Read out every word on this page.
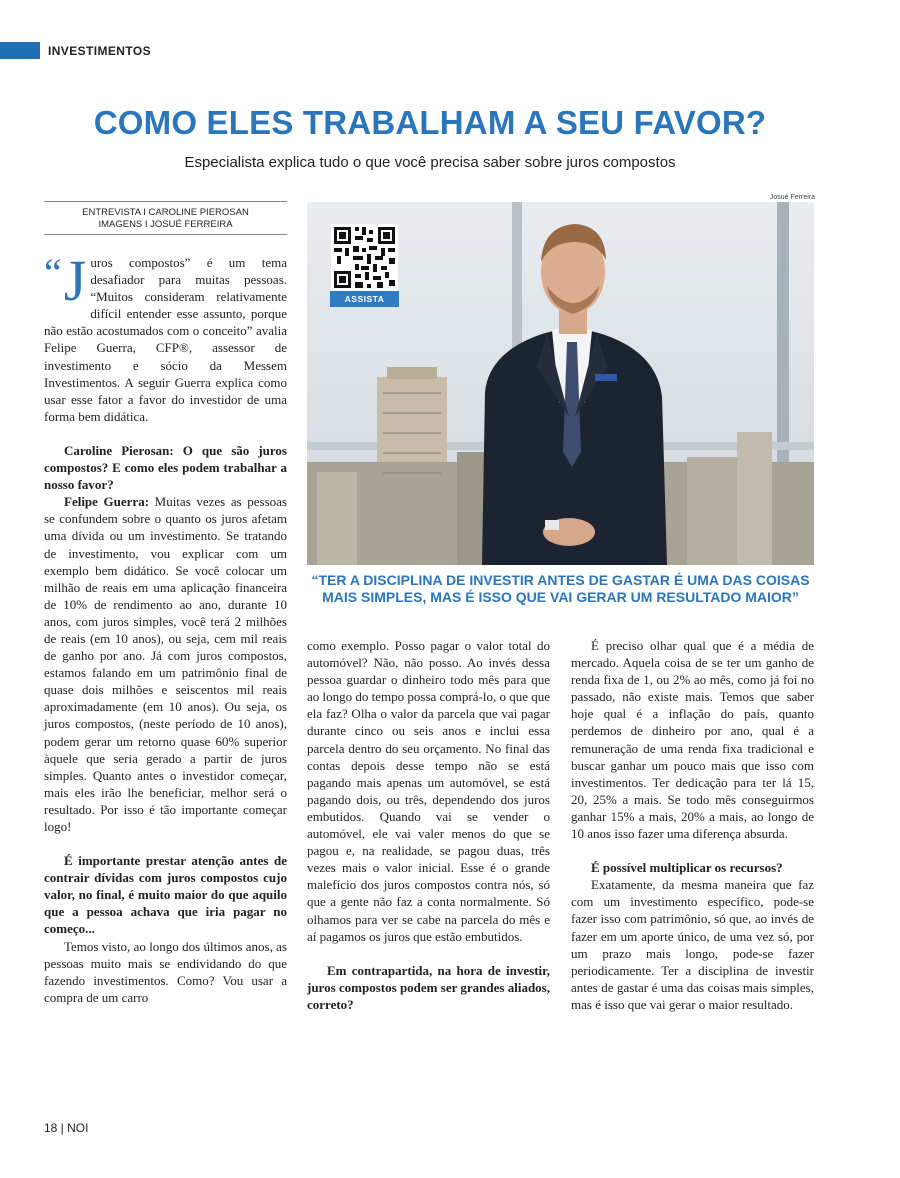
INVESTIMENTOS
COMO ELES TRABALHAM A SEU FAVOR?
Especialista explica tudo o que você precisa saber sobre juros compostos
ENTREVISTA I CAROLINE PIEROSAN
IMAGENS I JOSUÉ FERREIRA
Josué Ferreira
ASSISTA
“TER A DISCIPLINA DE INVESTIR ANTES DE GASTAR É UMA DAS COISAS MAIS SIMPLES, MAS É ISSO QUE VAI GERAR UM RESULTADO MAIOR”

“ J uros compostos” é um tema desafiador para muitas pessoas. “Muitos consideram relativamente difícil entender esse assunto, porque não estão acostumados com o conceito” avalia Felipe Guerra, CFP®, assessor de investimento e sócio da Messem Investimentos. A seguir Guerra explica como usar esse fator a favor do investidor de uma forma bem didática.

Caroline Pierosan: O que são juros compostos? E como eles podem trabalhar a nosso favor?

Felipe Guerra: Muitas vezes as pessoas se confundem sobre o quanto os juros afetam uma dívida ou um investimento. Se tratando de investimento, vou explicar com um exemplo bem didático. Se você colocar um milhão de reais em uma aplicação financeira de 10% de rendimento ao ano, durante 10 anos, com juros simples, você terá 2 milhões de reais (em 10 anos), ou seja, cem mil reais de ganho por ano. Já com juros compostos, estamos falando em um patrimônio final de quase dois milhões e seiscentos mil reais aproximadamente (em 10 anos). Ou seja, os juros compostos, (neste período de 10 anos), podem gerar um retorno quase 60% superior àquele que seria gerado a partir de juros simples. Quanto antes o investidor começar, mais eles irão lhe beneficiar, melhor será o resultado. Por isso é tão importante começar logo!

É importante prestar atenção antes de contrair dívidas com juros compostos cujo valor, no final, é muito maior do que aquilo que a pessoa achava que iria pagar no começo...

Temos visto, ao longo dos últimos anos, as pessoas muito mais se endividando do que fazendo investimentos. Como? Vou usar a compra de um carro

como exemplo. Posso pagar o valor total do automóvel? Não, não posso. Ao invés dessa pessoa guardar o dinheiro todo mês para que ao longo do tempo possa comprá-lo, o que que ela faz? Olha o valor da parcela que vai pagar durante cinco ou seis anos e inclui essa parcela dentro do seu orçamento. No final das contas depois desse tempo não se está pagando mais apenas um automóvel, se está pagando dois, ou três, dependendo dos juros embutidos. Quando vai se vender o automóvel, ele vai valer menos do que se pagou e, na realidade, se pagou duas, três vezes mais o valor inicial. Esse é o grande malefício dos juros compostos contra nós, só que a gente não faz a conta normalmente. Só olhamos para ver se cabe na parcela do mês e aí pagamos os juros que estão embutidos.

Em contrapartida, na hora de investir, juros compostos podem ser grandes aliados, correto?

É preciso olhar qual que é a média de mercado. Aquela coisa de se ter um ganho de renda fixa de 1, ou 2% ao mês, como já foi no passado, não existe mais. Temos que saber hoje qual é a inflação do país, quanto perdemos de dinheiro por ano, qual é a remuneração de uma renda fixa tradicional e buscar ganhar um pouco mais que isso com investimentos. Ter dedicação para ter lá 15, 20, 25% a mais. Se todo mês conseguirmos ganhar 15% a mais, 20% a mais, ao longo de 10 anos isso fazer uma diferença absurda.

É possível multiplicar os recursos?

Exatamente, da mesma maneira que faz com um investimento específico, pode-se fazer isso com patrimônio, só que, ao invés de fazer em um aporte único, de uma vez só, por um prazo mais longo, pode-se fazer periodicamente. Ter a disciplina de investir antes de gastar é uma das coisas mais simples, mas é isso que vai gerar o maior resultado.

18 | NOI
